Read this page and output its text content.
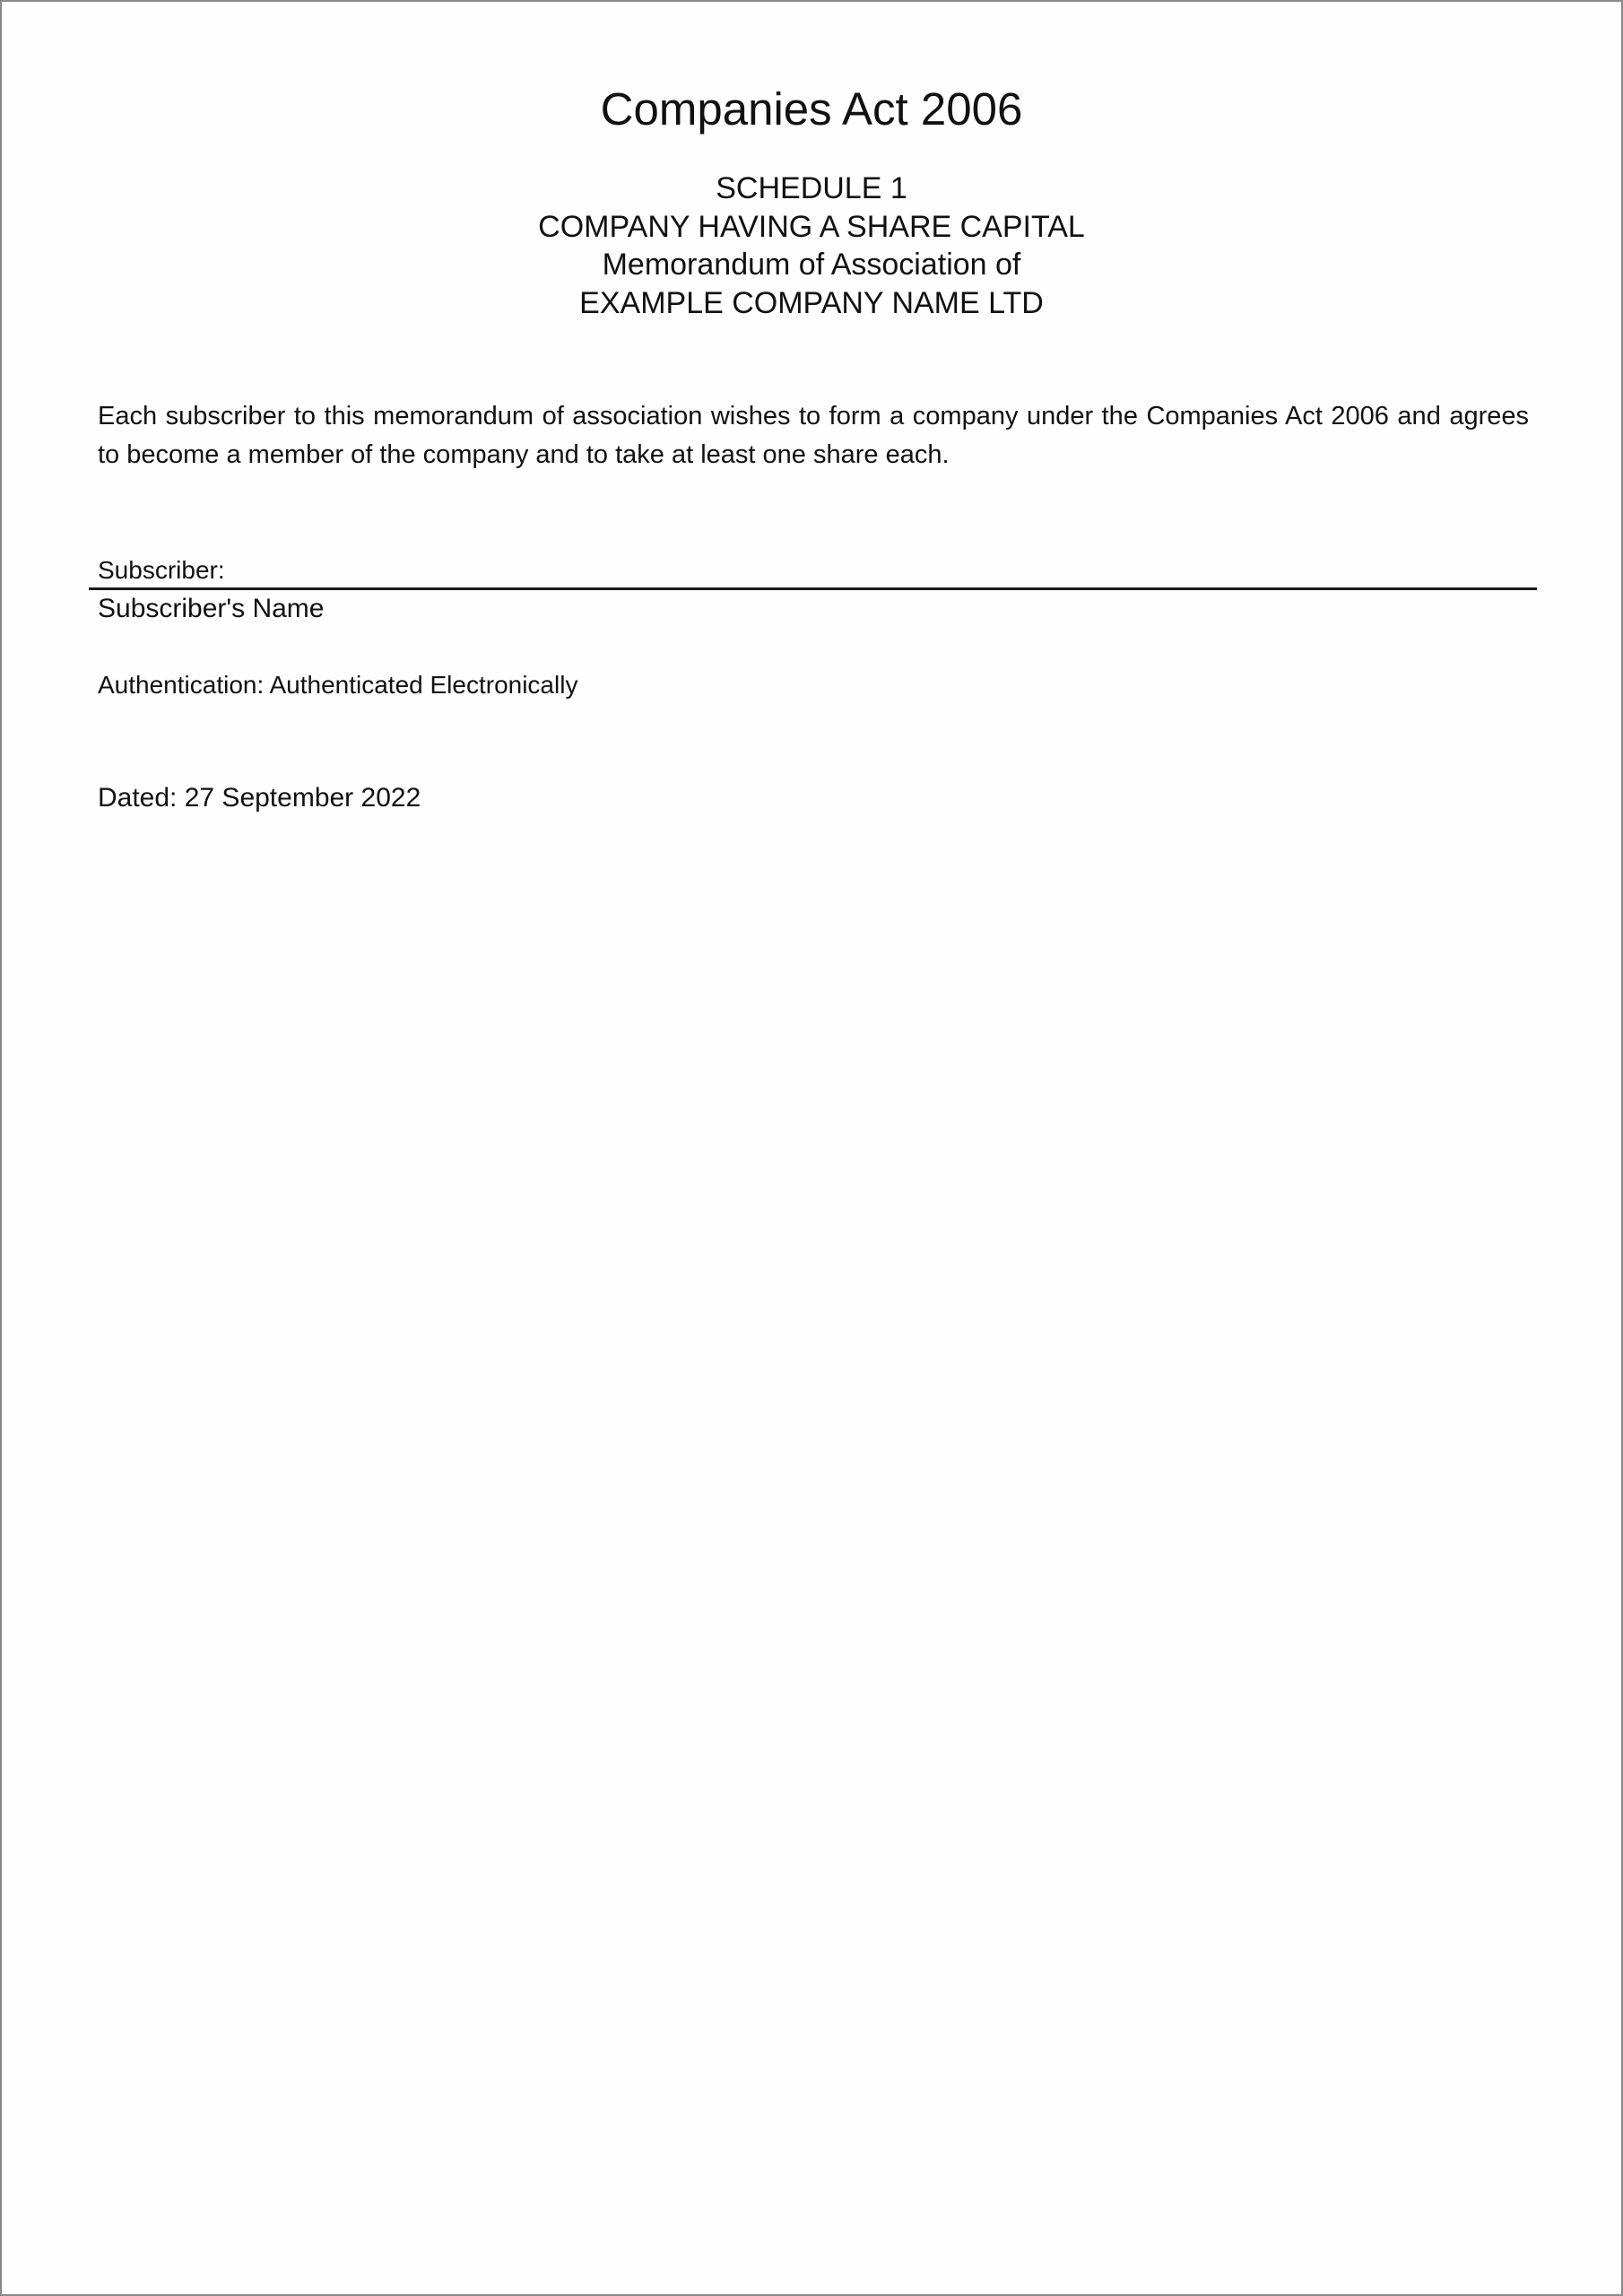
Companies Act 2006
SCHEDULE 1
COMPANY HAVING A SHARE CAPITAL
Memorandum of Association of
EXAMPLE COMPANY NAME LTD

Each subscriber to this memorandum of association wishes to form a company under the Companies Act 2006 and agrees to become a member of the company and to take at least one share each.

Subscriber:
Subscriber's Name
Authentication: Authenticated Electronically
Dated: 27 September 2022
